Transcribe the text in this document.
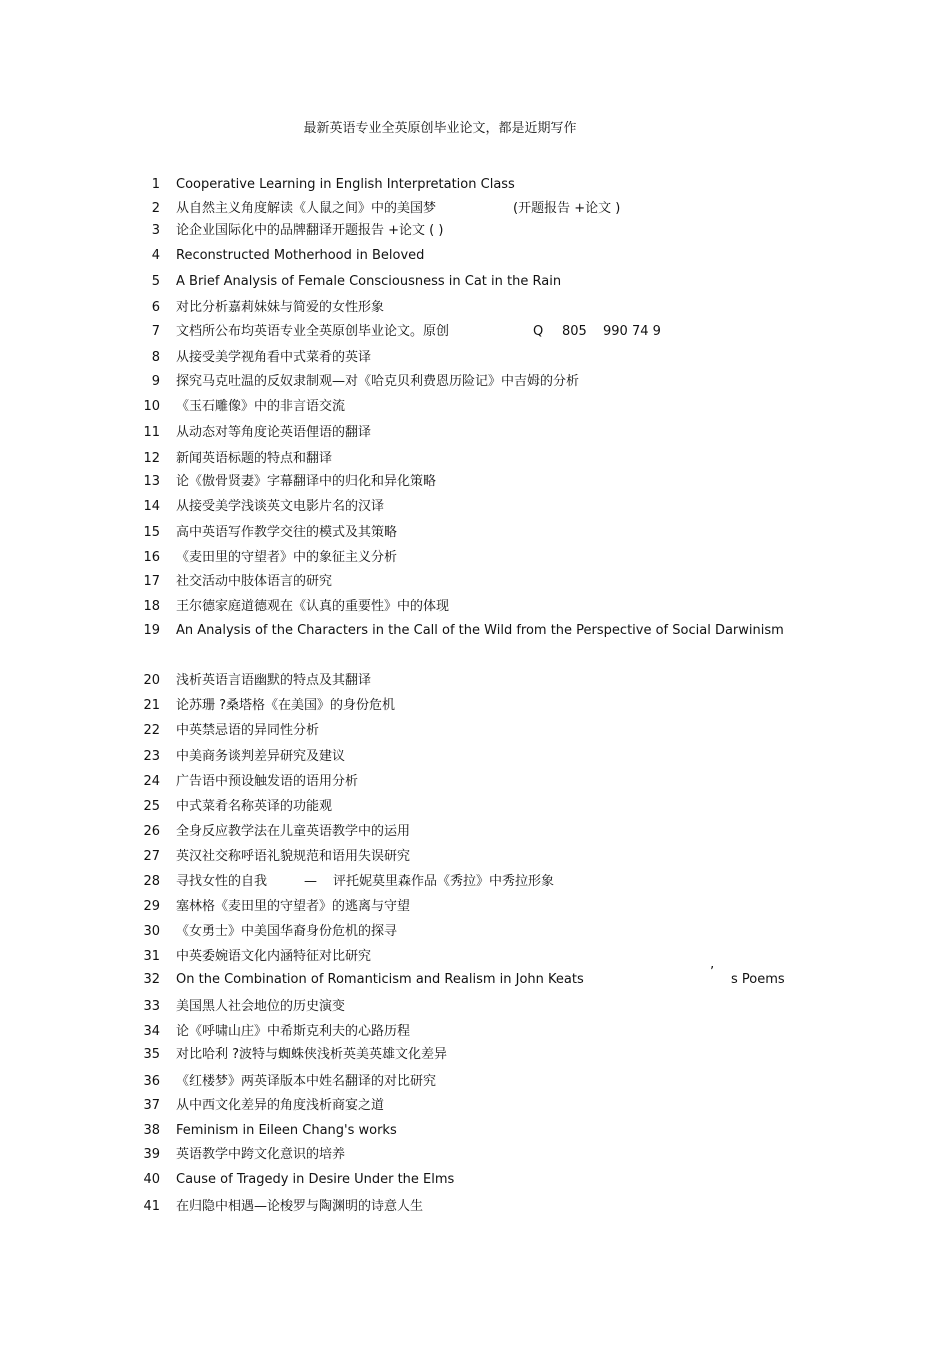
最新英语专业全英原创毕业论文，都是近期写作
1 Cooperative Learning in English Interpretation Class
2 从自然主义角度解读《人鼠之间》中的美国梦	(开题报告 +论文 )
3 论企业国际化中的品牌翻译开题报告 +论文 ( )
4 Reconstructed Motherhood in Beloved
5 A Brief Analysis of Female Consciousness in Cat in the Rain
6 对比分析嘉莉妹妹与简爱的女性形象
7 文档所公布均英语专业全英原创毕业论文。原创	Q 805 990 74 9
8 从接受美学视角看中式菜肴的英译
9 探究马克吐温的反奴隶制观—对《哈克贝利费恩历险记》中吉姆的分析
10 《玉石雕像》中的非言语交流
11 从动态对等角度论英语俚语的翻译
12 新闻英语标题的特点和翻译
13 论《傲骨贤妻》字幕翻译中的归化和异化策略
14 从接受美学浅谈英文电影片名的汉译
15 高中英语写作教学交往的模式及其策略
16 《麦田里的守望者》中的象征主义分析
17 社交活动中肢体语言的研究
18 王尔德家庭道德观在《认真的重要性》中的体现
19 An Analysis of the Characters in the Call of the Wild from the Perspective of Social Darwinism
20 浅析英语言语幽默的特点及其翻译
21 论苏珊 ?桑塔格《在美国》的身份危机
22 中英禁忌语的异同性分析
23 中美商务谈判差异研究及建议
24 广告语中预设触发语的语用分析
25 中式菜肴名称英译的功能观
26 全身反应教学法在儿童英语教学中的运用
27 英汉社交称呼语礼貌规范和语用失误研究
28 寻找女性的自我	— 评托妮莫里森作品《秀拉》中秀拉形象
29 塞林格《麦田里的守望者》的逃离与守望
30 《女勇士》中美国华裔身份危机的探寻
31 中英委婉语文化内涵特征对比研究
32 On the Combination of Romanticism and Realism in John Keats	’ s Poems
33 美国黑人社会地位的历史演变
34 论《呼啸山庄》中希斯克利夫的心路历程
35 对比哈利 ?波特与蜘蛛侠浅析英美英雄文化差异
36 《红楼梦》两英译版本中姓名翻译的对比研究
37 从中西文化差异的角度浅析商宴之道
38 Feminism in Eileen Chang's works
39 英语教学中跨文化意识的培养
40 Cause of Tragedy in Desire Under the Elms
41 在归隐中相遇—论梭罗与陶渊明的诗意人生
